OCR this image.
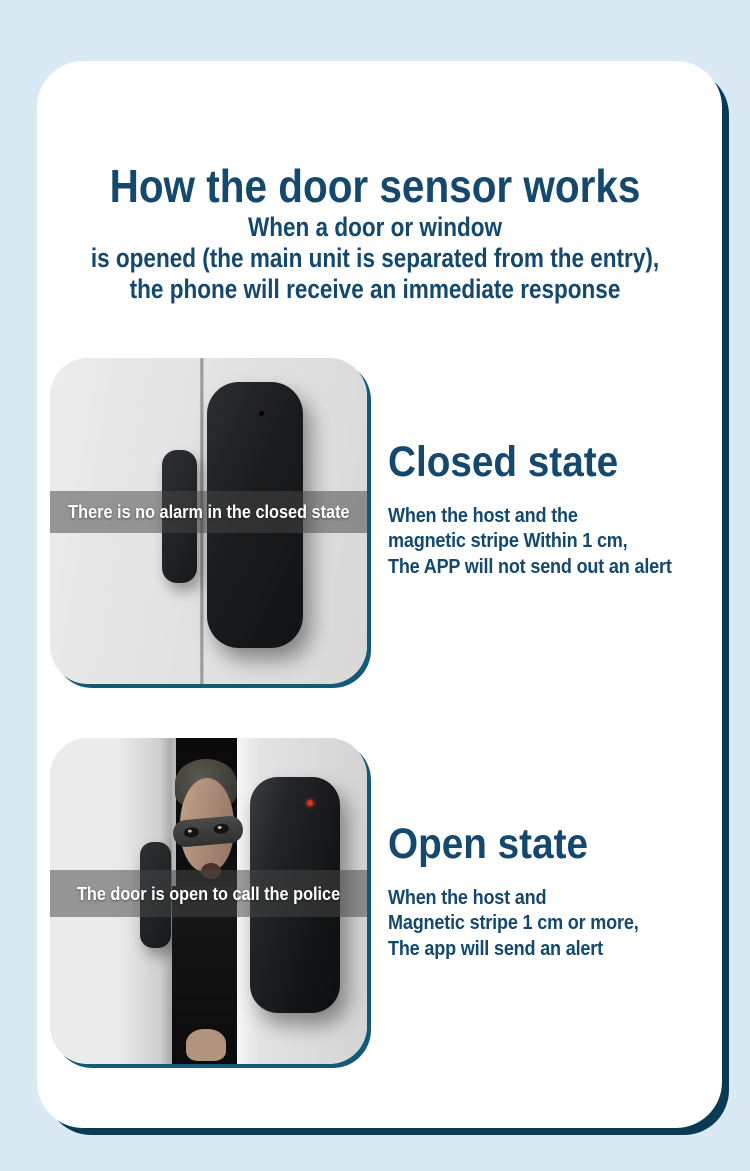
How the door sensor works
When a door or window
is opened (the main unit is separated from the entry),
the phone will receive an immediate response
There is no alarm in the closed state
Closed state
When the host and the
magnetic stripe Within 1 cm,
The APP will not send out an alert
The door is open to call the police
Open state
When the host and
Magnetic stripe 1 cm or more,
The app will send an alert
